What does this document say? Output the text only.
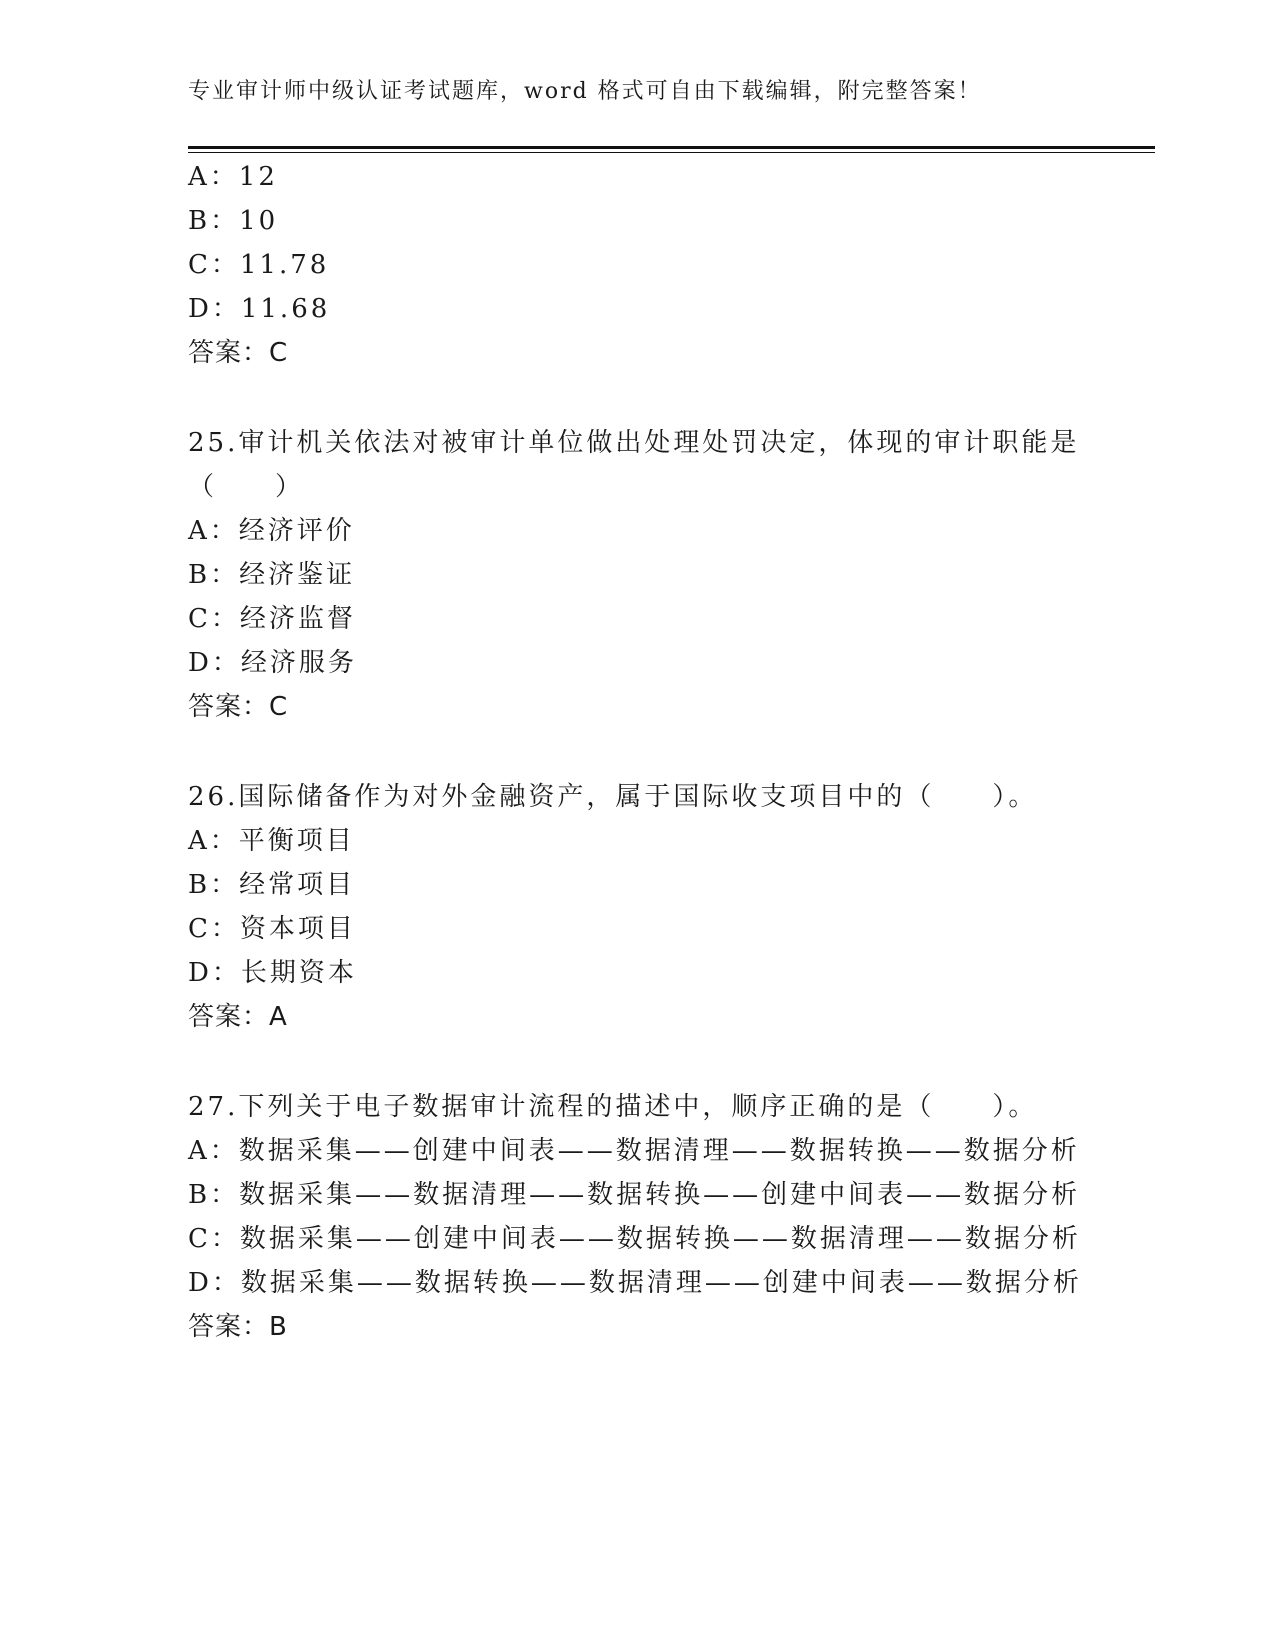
专业审计师中级认证考试题库，word 格式可自由下载编辑，附完整答案！
A：12
B：10
C：11.78
D：11.68
答案：C
25.审计机关依法对被审计单位做出处理处罚决定，体现的审计职能是
（　　）
A：经济评价
B：经济鉴证
C：经济监督
D：经济服务
答案：C
26.国际储备作为对外金融资产，属于国际收支项目中的（　　）。
A：平衡项目
B：经常项目
C：资本项目
D：长期资本
答案：A
27.下列关于电子数据审计流程的描述中，顺序正确的是（　　）。
A：数据采集——创建中间表——数据清理——数据转换——数据分析
B：数据采集——数据清理——数据转换——创建中间表——数据分析
C：数据采集——创建中间表——数据转换——数据清理——数据分析
D：数据采集——数据转换——数据清理——创建中间表——数据分析
答案：B
